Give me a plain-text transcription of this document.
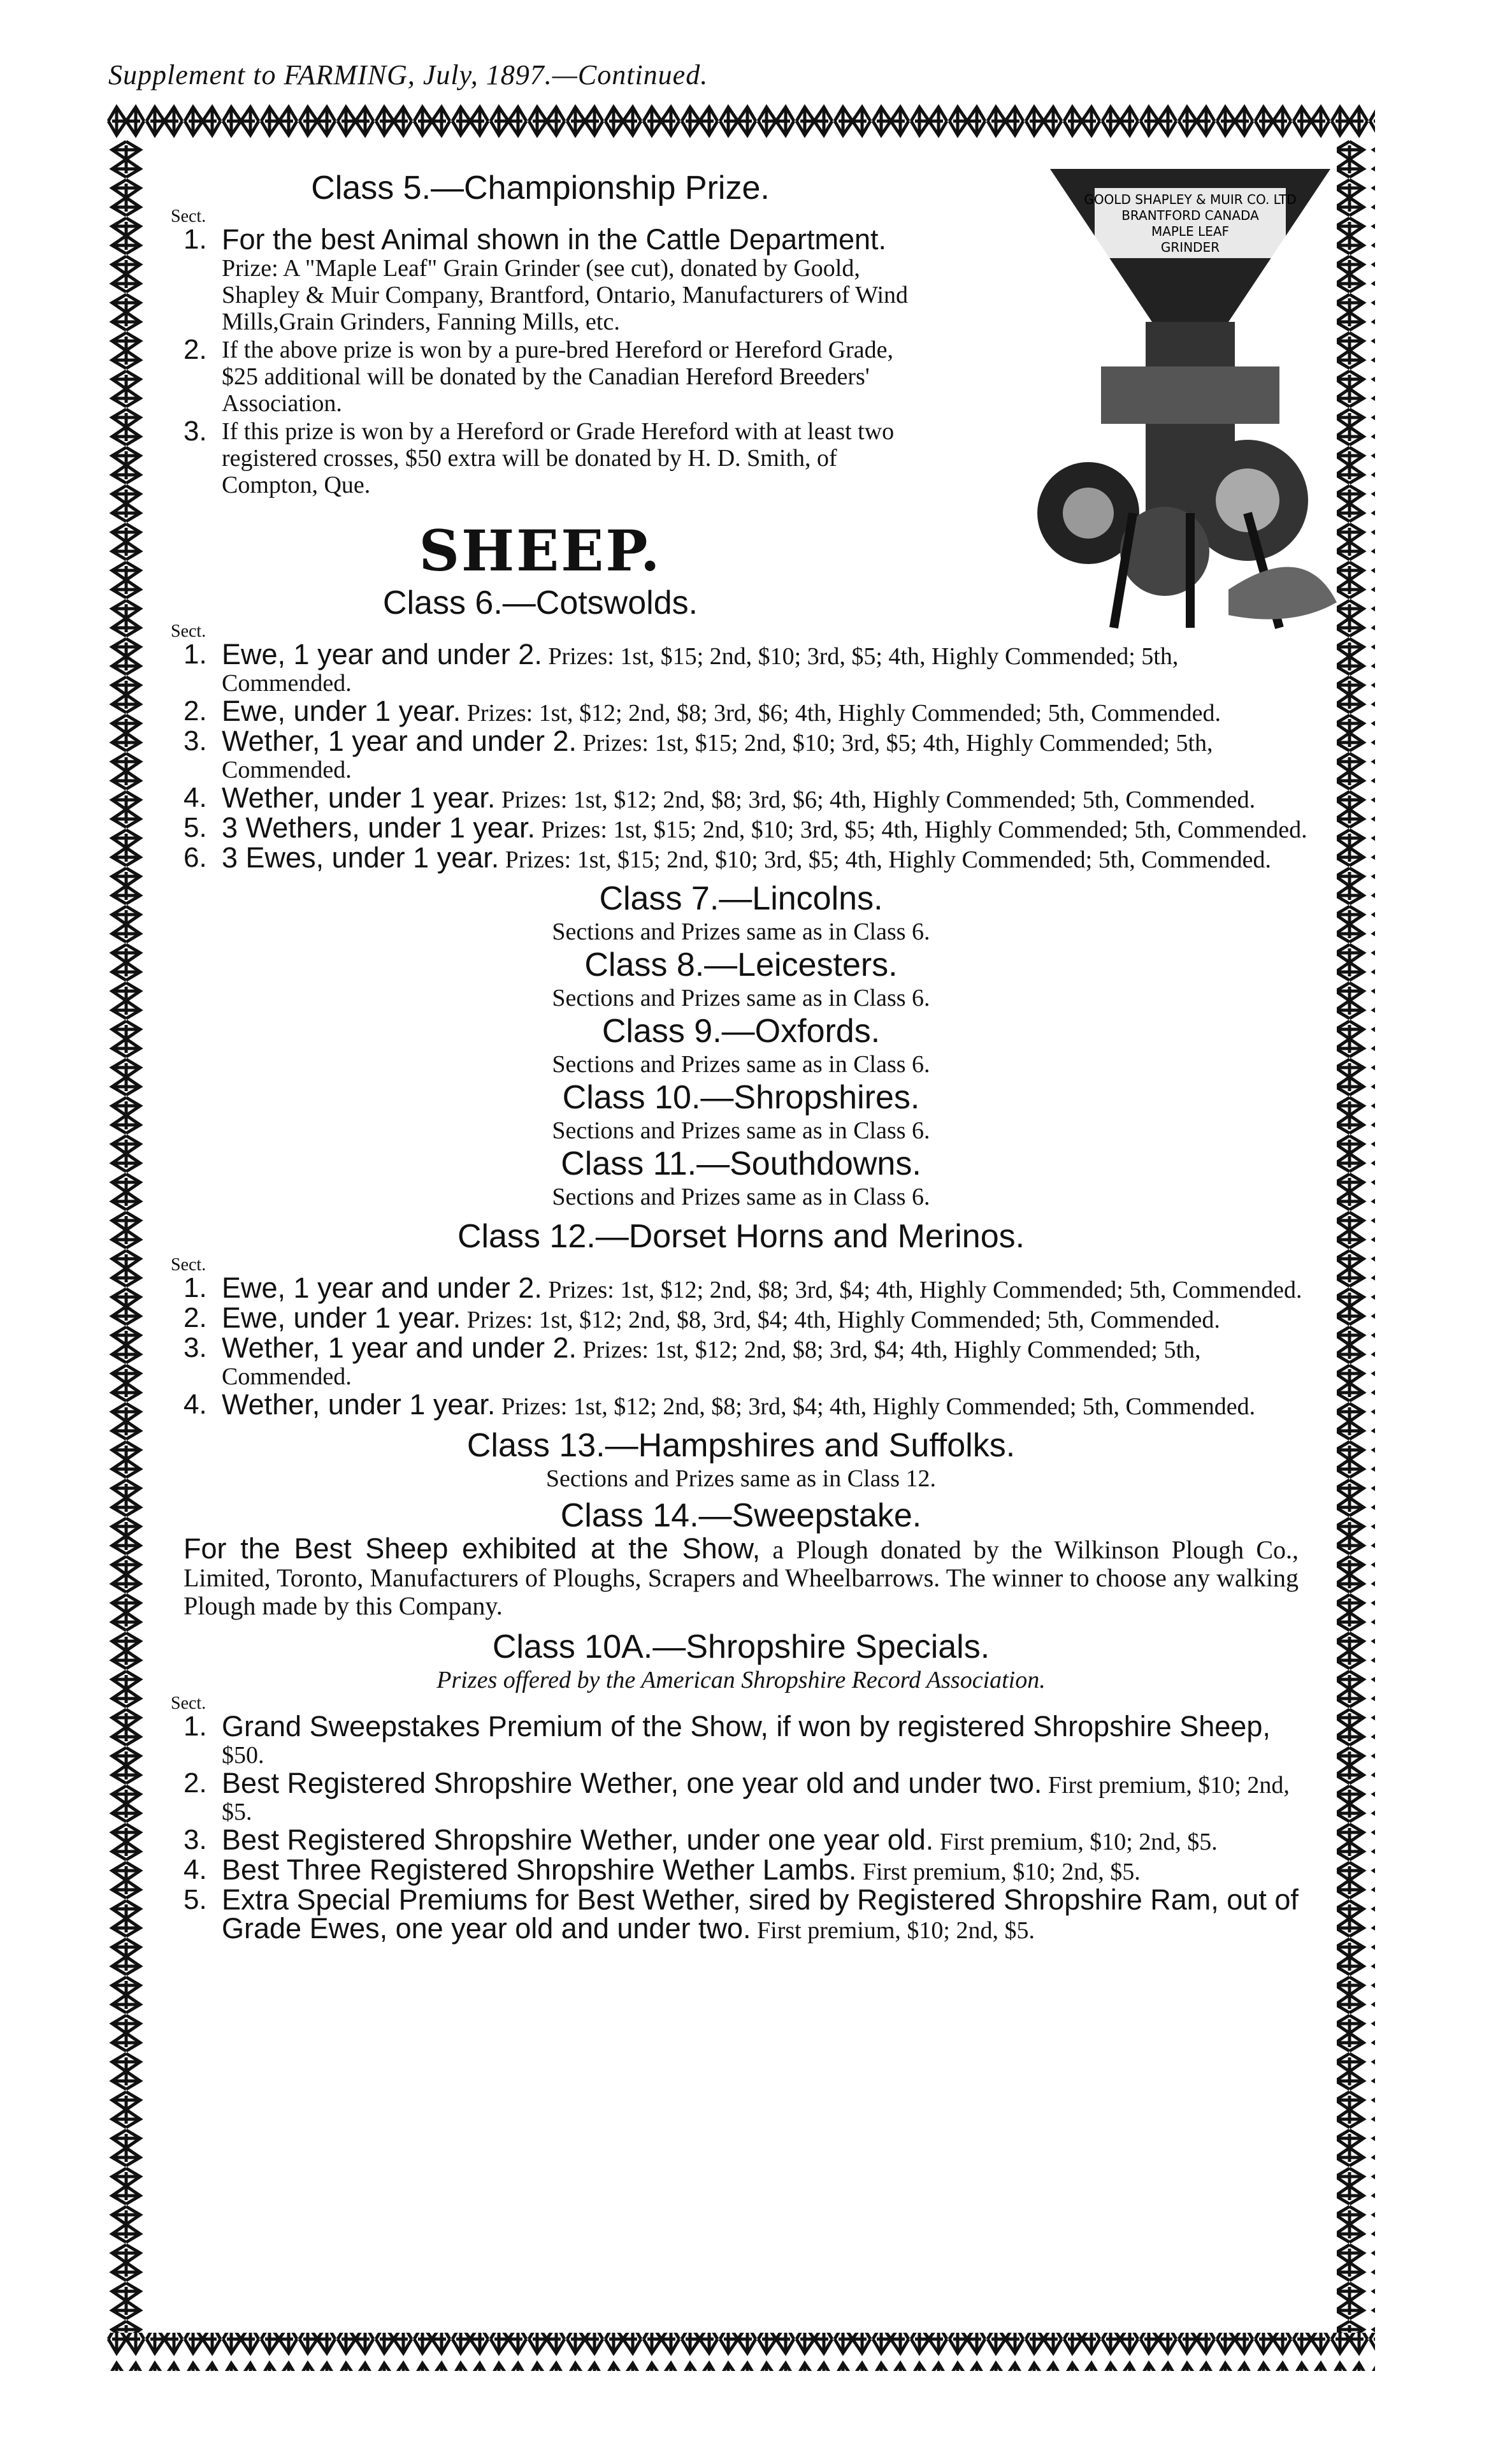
Supplement to FARMING, July, 1897.—Continued.
GOOLD SHAPLEY & MUIR CO. LTD
BRANTFORD CANADA
MAPLE LEAF
GRINDER
Class 5.—Championship Prize.
Sect.
1. For the best Animal shown in the Cattle Department.
Prize: A "Maple Leaf" Grain Grinder (see cut), donated by Goold, Shapley & Muir Company, Brantford, Ontario, Manufacturers of Wind Mills,Grain Grinders, Fanning Mills, etc.
2. If the above prize is won by a pure-bred Hereford or Hereford Grade, $25 additional will be donated by the Canadian Hereford Breeders' Association.
3. If this prize is won by a Hereford or Grade Hereford with at least two registered crosses, $50 extra will be donated by H. D. Smith, of Compton, Que.
SHEEP.
Class 6.—Cotswolds.
Sect.
1. Ewe, 1 year and under 2. Prizes: 1st, $15; 2nd, $10; 3rd, $5; 4th, Highly Commended; 5th, Commended.
2. Ewe, under 1 year. Prizes: 1st, $12; 2nd, $8; 3rd, $6; 4th, Highly Commended; 5th, Commended.
3. Wether, 1 year and under 2. Prizes: 1st, $15; 2nd, $10; 3rd, $5; 4th, Highly Commended; 5th, Commended.
4. Wether, under 1 year. Prizes: 1st, $12; 2nd, $8; 3rd, $6; 4th, Highly Commended; 5th, Commended.
5. 3 Wethers, under 1 year. Prizes: 1st, $15; 2nd, $10; 3rd, $5; 4th, Highly Commended; 5th, Commended.
6. 3 Ewes, under 1 year. Prizes: 1st, $15; 2nd, $10; 3rd, $5; 4th, Highly Commended; 5th, Commended.
Class 7.—Lincolns.
Sections and Prizes same as in Class 6.
Class 8.—Leicesters.
Sections and Prizes same as in Class 6.
Class 9.—Oxfords.
Sections and Prizes same as in Class 6.
Class 10.—Shropshires.
Sections and Prizes same as in Class 6.
Class 11.—Southdowns.
Sections and Prizes same as in Class 6.
Class 12.—Dorset Horns and Merinos.
Sect.
1. Ewe, 1 year and under 2. Prizes: 1st, $12; 2nd, $8; 3rd, $4; 4th, Highly Commended; 5th, Commended.
2. Ewe, under 1 year. Prizes: 1st, $12; 2nd, $8, 3rd, $4; 4th, Highly Commended; 5th, Commended.
3. Wether, 1 year and under 2. Prizes: 1st, $12; 2nd, $8; 3rd, $4; 4th, Highly Commended; 5th, Commended.
4. Wether, under 1 year. Prizes: 1st, $12; 2nd, $8; 3rd, $4; 4th, Highly Commended; 5th, Commended.
Class 13.—Hampshires and Suffolks.
Sections and Prizes same as in Class 12.
Class 14.—Sweepstake.
For the Best Sheep exhibited at the Show, a Plough donated by the Wilkinson Plough Co., Limited, Toronto, Manufacturers of Ploughs, Scrapers and Wheelbarrows. The winner to choose any walking Plough made by this Company.
Class 10A.—Shropshire Specials.
Prizes offered by the American Shropshire Record Association.
Sect.
1. Grand Sweepstakes Premium of the Show, if won by registered Shropshire Sheep, $50.
2. Best Registered Shropshire Wether, one year old and under two. First premium, $10; 2nd, $5.
3. Best Registered Shropshire Wether, under one year old. First premium, $10; 2nd, $5.
4. Best Three Registered Shropshire Wether Lambs. First premium, $10; 2nd, $5.
5. Extra Special Premiums for Best Wether, sired by Registered Shropshire Ram, out of Grade Ewes, one year old and under two. First premium, $10; 2nd, $5.
